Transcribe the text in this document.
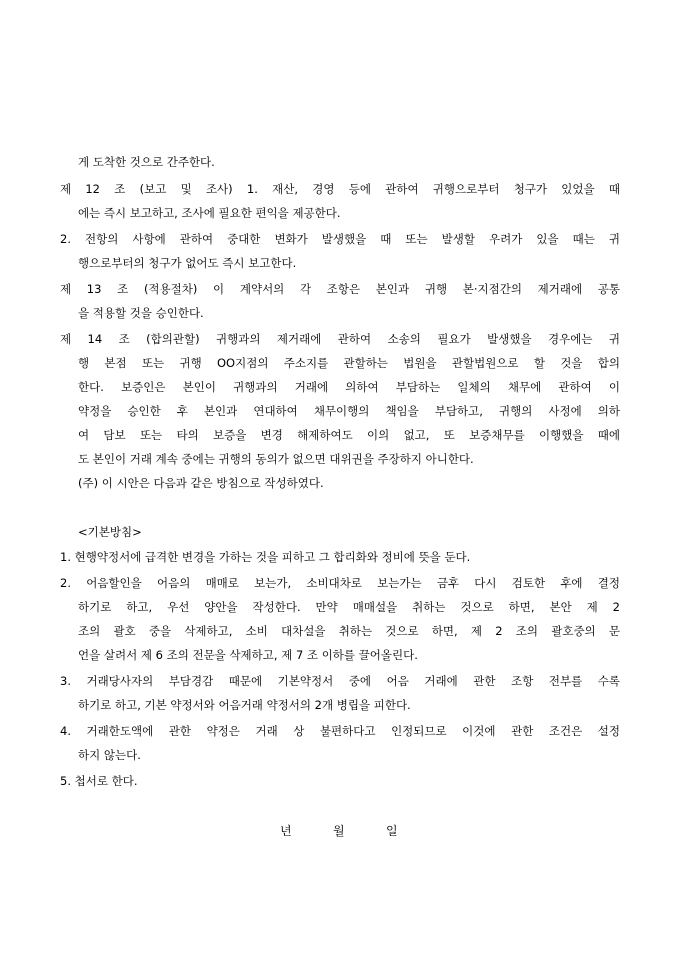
게 도착한 것으로 간주한다.
제 12 조 (보고 및 조사) 1. 재산, 경영 등에 관하여 귀행으로부터 청구가 있었을 때
에는 즉시 보고하고, 조사에 필요한 편익을 제공한다.
2. 전항의 사항에 관하여 중대한 변화가 발생했을 때 또는 발생할 우려가 있을 때는 귀
행으로부터의 청구가 없어도 즉시 보고한다.
제 13 조 (적용절차) 이 계약서의 각 조항은 본인과 귀행 본·지점간의 제거래에 공통
을 적용할 것을 승인한다.
제 14 조 (합의관할) 귀행과의 제거래에 관하여 소송의 필요가 발생했을 경우에는 귀
행 본점 또는 귀행 OO지점의 주소지를 관할하는 법원을 관할법원으로 할 것을 합의
한다. 보증인은 본인이 귀행과의 거래에 의하여 부담하는 일체의 채무에 관하여 이
약정을 승인한 후 본인과 연대하여 채무이행의 책임을 부담하고, 귀행의 사정에 의하
여 담보 또는 타의 보증을 변경 해제하여도 이의 없고, 또 보증채무를 이행했을 때에
도 본인이 거래 계속 중에는 귀행의 동의가 없으면 대위권을 주장하지 아니한다.
(주) 이 시안은 다음과 같은 방침으로 작성하였다.
<기본방침>
1. 현행약정서에 급격한 변경을 가하는 것을 피하고 그 합리화와 정비에 뜻을 둔다.
2. 어음할인을 어음의 매매로 보는가, 소비대차로 보는가는 금후 다시 검토한 후에 결정
하기로 하고, 우선 양안을 작성한다. 만약 매매설을 취하는 것으로 하면, 본안 제 2
조의 괄호 중을 삭제하고, 소비 대차설을 취하는 것으로 하면, 제 2 조의 괄호중의 문
언을 살려서 제 6 조의 전문을 삭제하고, 제 7 조 이하를 끌어올린다.
3. 거래당사자의 부담경감 때문에 기본약정서 중에 어음 거래에 관한 조항 전부를 수록
하기로 하고, 기본 약정서와 어음거래 약정서의 2개 병립을 피한다.
4. 거래한도액에 관한 약정은 거래 상 불편하다고 인정되므로 이것에 관한 조건은 설정
하지 않는다.
5. 첩서로 한다.
년	월	일
